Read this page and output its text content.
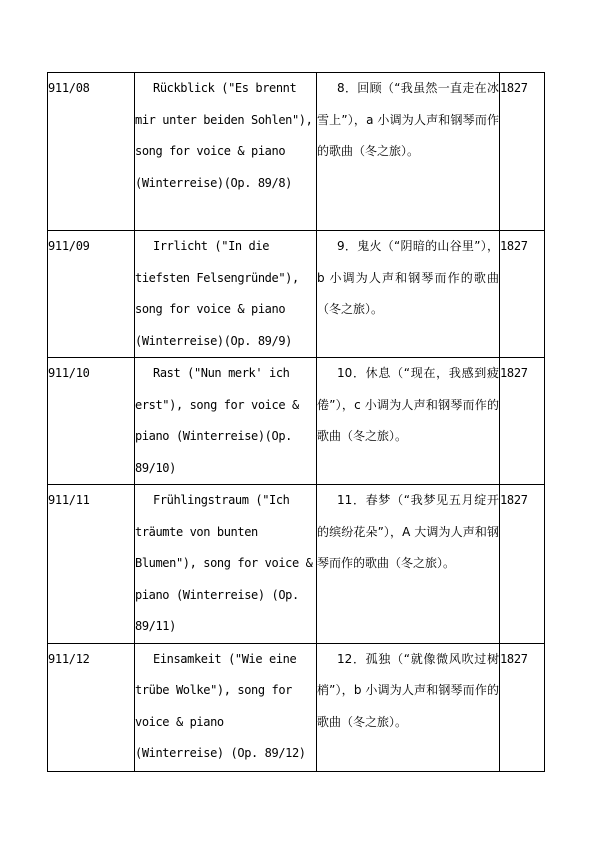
911/08	Rückblick ("Es brennt mir unter beiden Sohlen"), song for voice & piano (Winterreise)(Op. 89/8)	8．回顾（“我虽然一直走在冰雪上”），a 小调为人声和钢琴而作的歌曲（冬之旅）。	1827
911/09	Irrlicht ("In die tiefsten Felsengründe"), song for voice & piano (Winterreise)(Op. 89/9)	9．鬼火（“阴暗的山谷里”），b 小调为人声和钢琴而作的歌曲（冬之旅）。	1827
911/10	Rast ("Nun merk' ich erst"), song for voice & piano (Winterreise)(Op. 89/10)	10．休息（“现在，我感到疲倦”），c 小调为人声和钢琴而作的歌曲（冬之旅）。	1827
911/11	Frühlingstraum ("Ich träumte von bunten Blumen"), song for voice & piano (Winterreise) (Op. 89/11)	11．春梦（“我梦见五月绽开的缤纷花朵”），A 大调为人声和钢琴而作的歌曲（冬之旅）。	1827
911/12	Einsamkeit ("Wie eine trübe Wolke"), song for voice & piano (Winterreise) (Op. 89/12)	12．孤独（“就像微风吹过树梢”），b 小调为人声和钢琴而作的歌曲（冬之旅）。	1827
